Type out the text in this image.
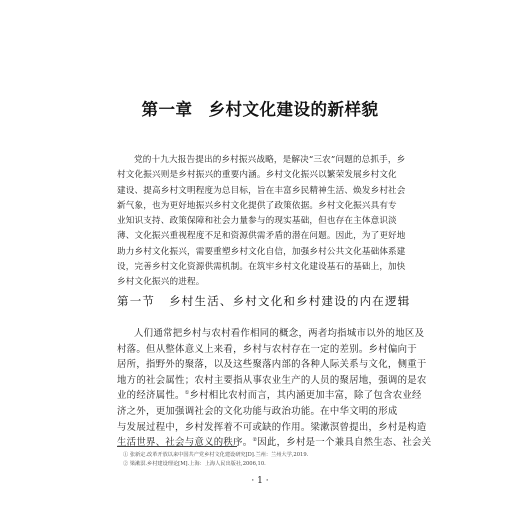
第一章 乡村文化建设的新样貌
党的十九大报告提出的乡村振兴战略，是解决“三农”问题的总抓手，乡
村文化振兴则是乡村振兴的重要内涵。乡村文化振兴以繁荣发展乡村文化
建设、提高乡村文明程度为总目标，旨在丰富乡民精神生活、焕发乡村社会
新气象，也为更好地振兴乡村文化提供了政策依据。乡村文化振兴具有专
业知识支持、政策保障和社会力量参与的现实基础，但也存在主体意识淡
薄、文化振兴重视程度不足和资源供需矛盾的潜在问题。因此，为了更好地
助力乡村文化振兴，需要重塑乡村文化自信，加强乡村公共文化基础体系建
设，完善乡村文化资源供需机制。在筑牢乡村文化建设基石的基础上，加快
乡村文化振兴的进程。
第一节 乡村生活、乡村文化和乡村建设的内在逻辑
人们通常把乡村与农村看作相同的概念，两者均指城市以外的地区及
村落。但从整体意义上来看，乡村与农村存在一定的差别。乡村偏向于
居所，指野外的聚落，以及这些聚落内部的各种人际关系与文化，侧重于
地方的社会属性；农村主要指从事农业生产的人员的聚居地，强调的是农
业的经济属性。①乡村相比农村而言，其内涵更加丰富，除了包含农业经
济之外，更加强调社会的文化功能与政治功能。在中华文明的形成
与发展过程中，乡村发挥着不可或缺的作用。梁漱溟曾提出，乡村是构造
生活世界、社会与意义的秩序。②因此，乡村是一个兼具自然生态、社会关
① 张新定.改革开放以来中国共产党乡村文化建设研究[D].兰州：兰州大学,2019.
② 梁漱溟.乡村建设理论[M].上海：上海人民出版社,2006,10.
· 1 ·
